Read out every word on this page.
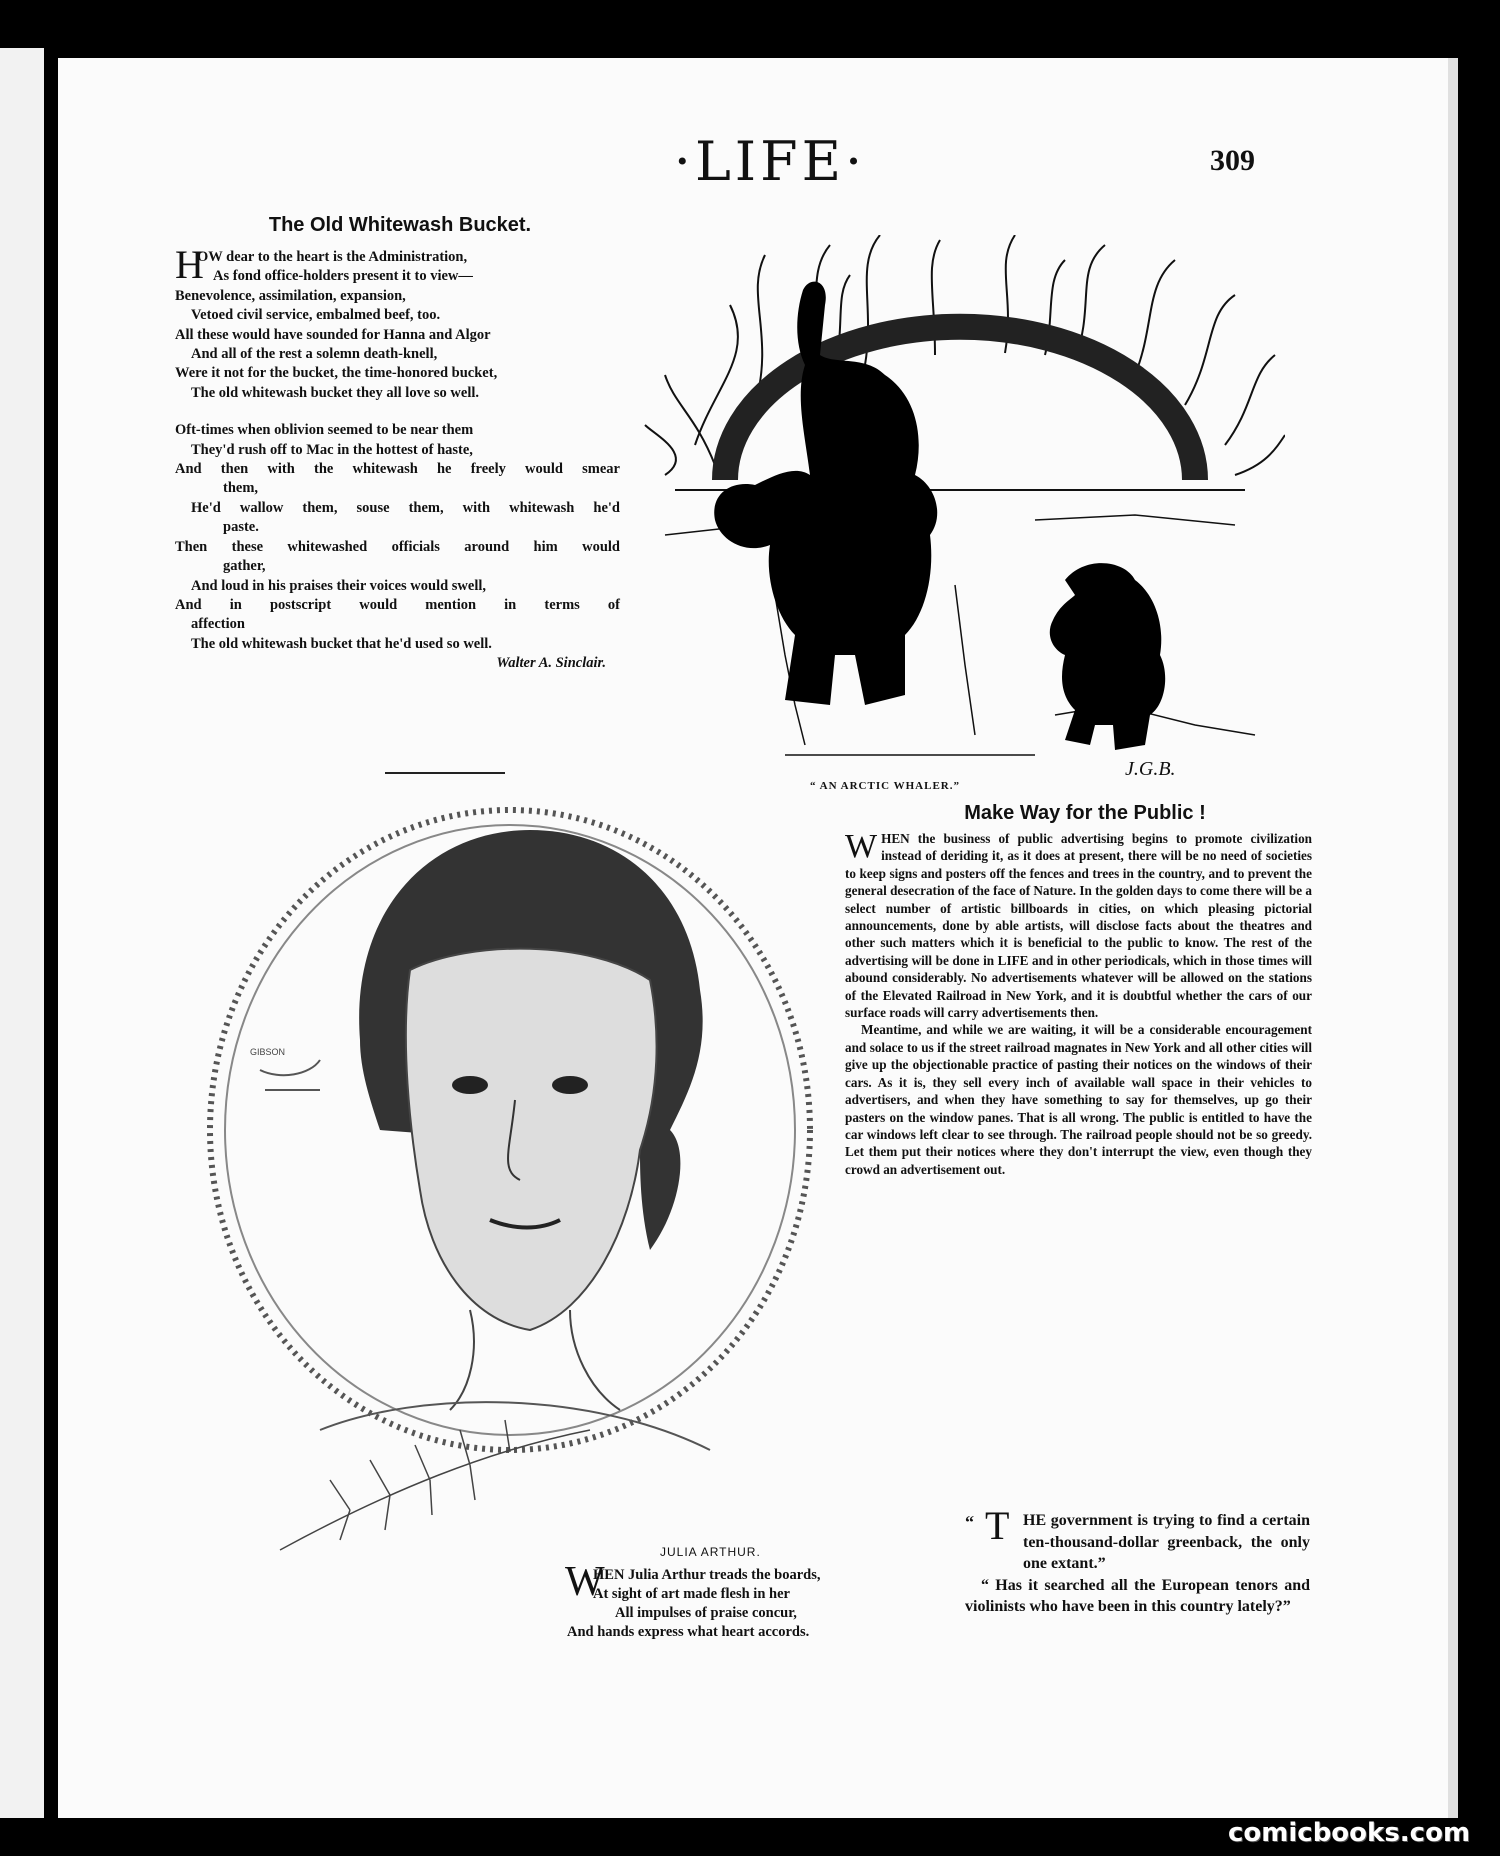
·LIFE·	309
The Old Whitewash Bucket.
H
OW dear to the heart is the Administration,
As fond office-holders present it to view—
Benevolence, assimilation, expansion,
Vetoed civil service, embalmed beef, too.
All these would have sounded for Hanna and Algor
And all of the rest a solemn death-knell,
Were it not for the bucket, the time-honored bucket,
The old whitewash bucket they all love so well.
Oft-times when oblivion seemed to be near them
They'd rush off to Mac in the hottest of haste,
And then with the whitewash he freely would smear
them,
He'd wallow them, souse them, with whitewash he'd
paste.
Then these whitewashed officials around him would
gather,
And loud in his praises their voices would swell,
And in postscript would mention in terms of
affection
The old whitewash bucket that he'd used so well.
Walter A. Sinclair.
J.G.B.
“ AN ARCTIC WHALER.”
Make Way for the Public !

WHEN the business of public advertising begins to promote civilization instead of deriding it, as it does at present, there will be no need of societies to keep signs and posters off the fences and trees in the country, and to prevent the general desecration of the face of Nature. In the golden days to come there will be a select number of artistic billboards in cities, on which pleasing pictorial announcements, done by able artists, will disclose facts about the theatres and other such matters which it is beneficial to the public to know. The rest of the advertising will be done in LIFE and in other periodicals, which in those times will abound considerably. No advertisements whatever will be allowed on the stations of the Elevated Railroad in New York, and it is doubtful whether the cars of our surface roads will carry advertisements then.

Meantime, and while we are waiting, it will be a considerable encouragement and solace to us if the street railroad magnates in New York and all other cities will give up the objectionable practice of pasting their notices on the windows of their cars. As it is, they sell every inch of available wall space in their vehicles to advertisers, and when they have something to say for themselves, up go their pasters on the window panes. That is all wrong. The public is entitled to have the car windows left clear to see through. The railroad people should not be so greedy. Let them put their notices where they don't interrupt the view, even though they crowd an advertisement out.

GIBSON
JULIA ARTHUR.
W
HEN Julia Arthur treads the boards,
At sight of art made flesh in her
All impulses of praise concur,
And hands express what heart accords.

“ T HE government is trying to find a certain ten-thousand-dollar greenback, the only one extant.”

“ Has it searched all the European tenors and violinists who have been in this country lately?”

comicbooks.com
